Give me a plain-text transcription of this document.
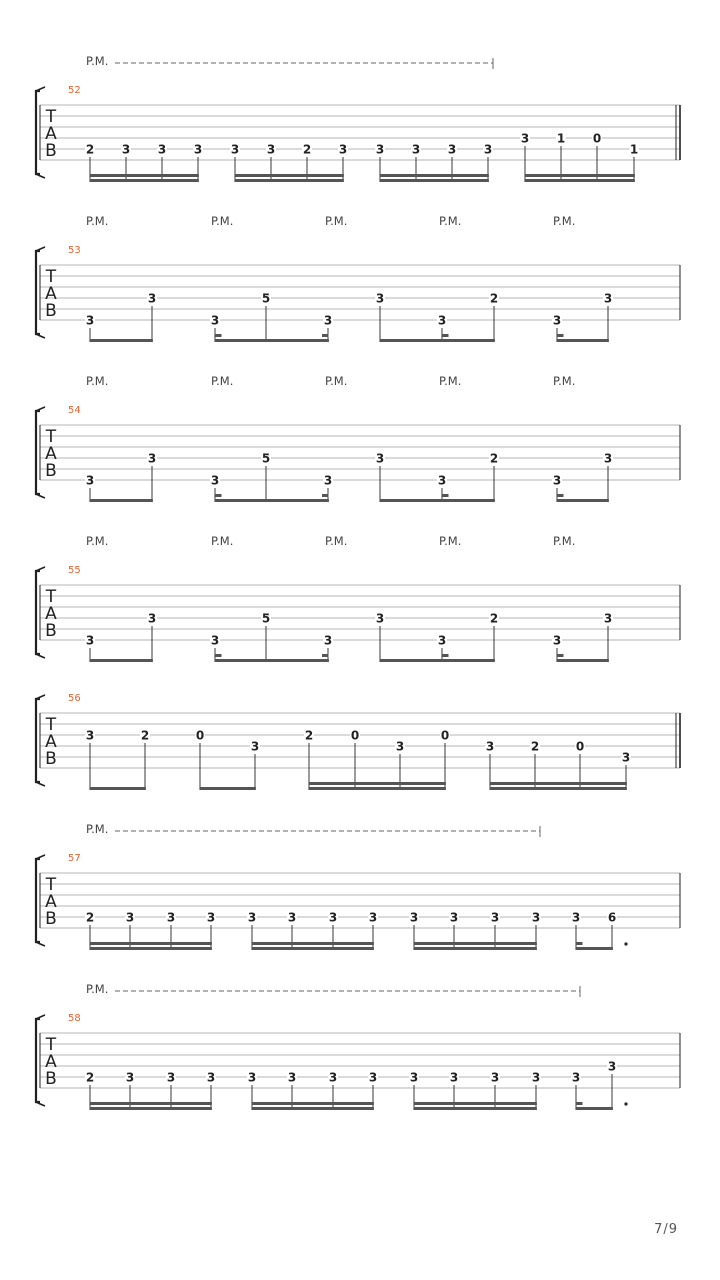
T
A
B
52
P.M.
2 3 3 3 3 3 2 3 3 3 3 3
3 1 0
1
T
A
B
53
P.M.	P.M.	P.M.	P.M.	P.M.
3
3
3
5
3
3
3
2
3
3
T
A
B
54
P.M.	P.M.	P.M.	P.M.	P.M.
3
3
3
5
3
3
3
2
3
3
T
A
B
55
P.M.	P.M.	P.M.	P.M.	P.M.
3
3
3
5
3
3
3
2
3
3
T
A
B
56
3	2	0
3
2	0
3
0
3	2	0
3
T
A
B
57
P.M.
2	3	3	3	3	3	3	3	3	3	3	3	3 6
T
A
B
58
P.M.
2	3	3	3	3	3	3	3	3	3	3	3	3
3
7/9
